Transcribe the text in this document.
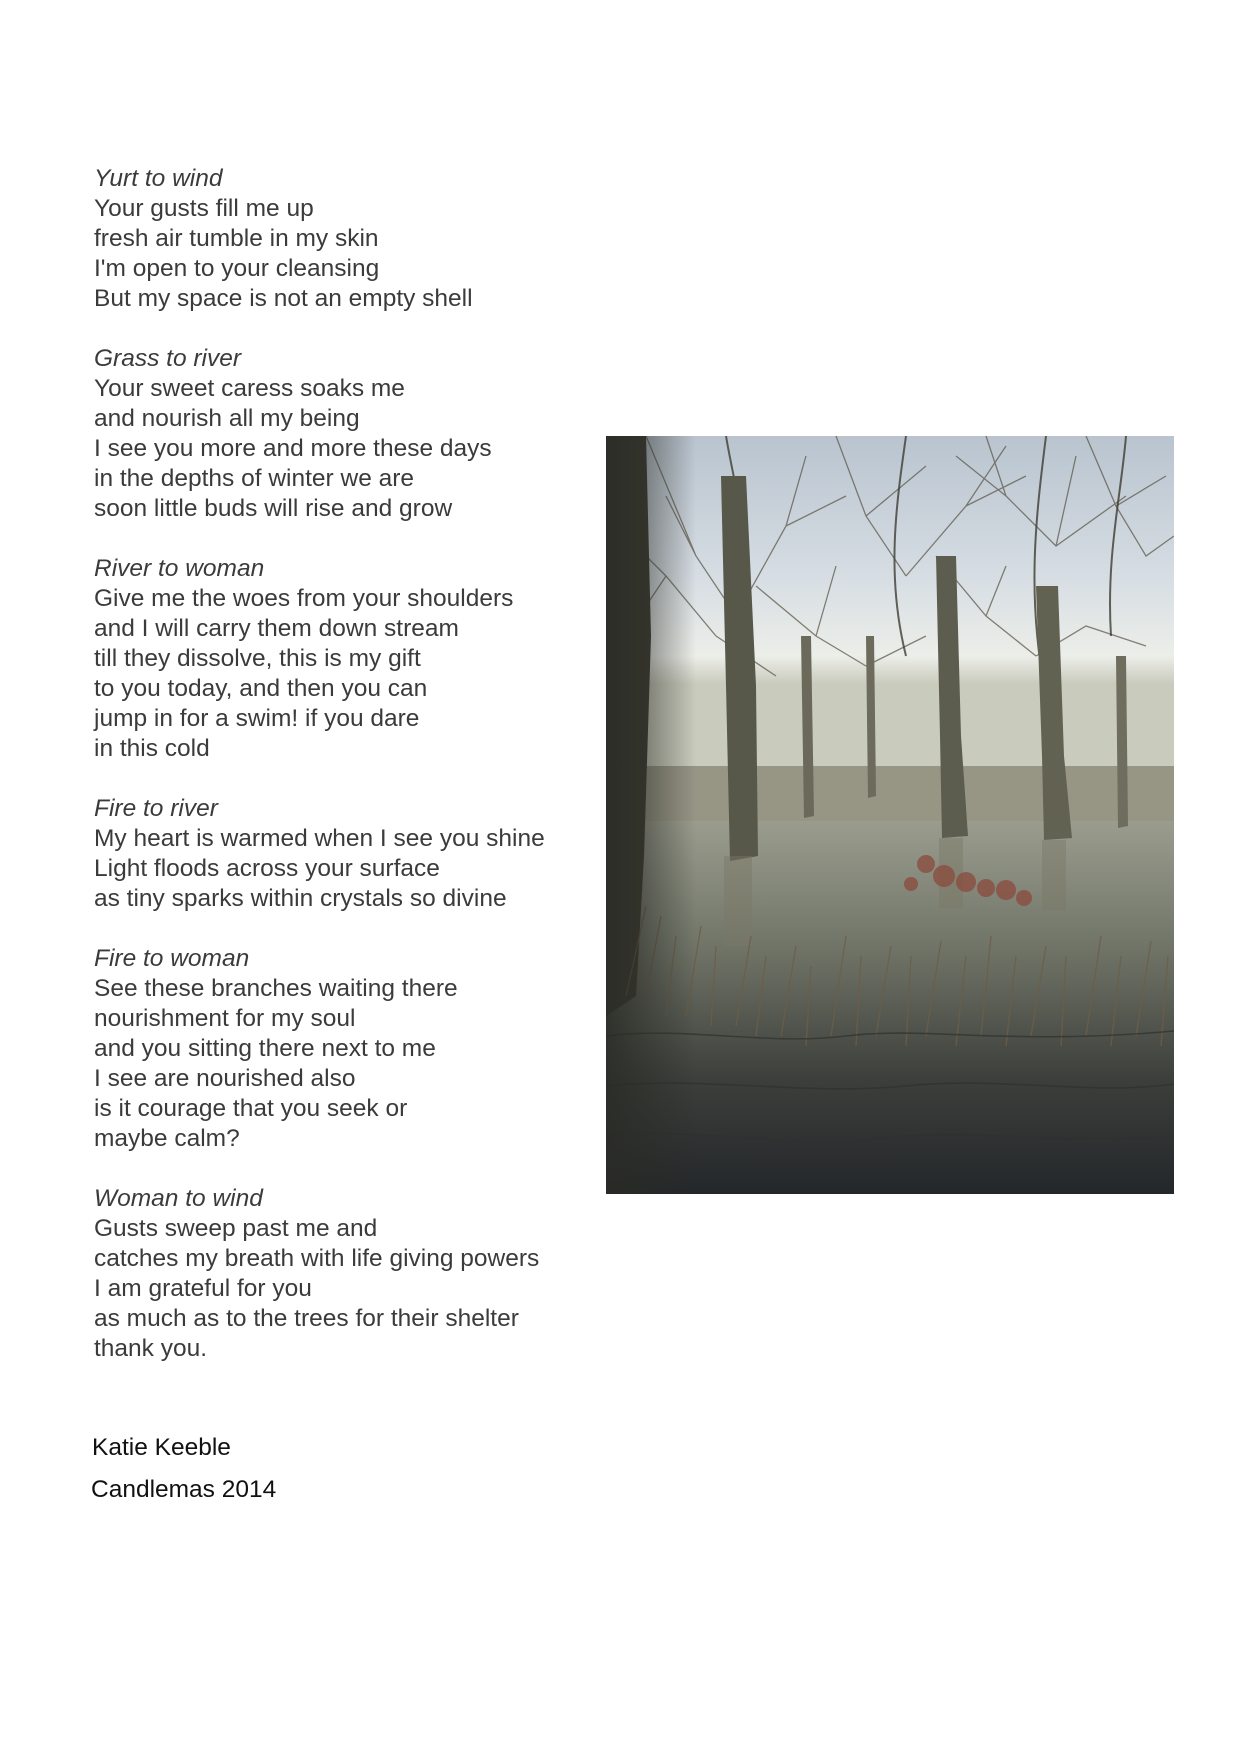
Yurt to wind
Your gusts fill me up
fresh air tumble in my skin
I'm open to your cleansing
But my space is not an empty shell
Grass to river
Your sweet caress soaks me
and nourish all my being
I see you more and more these days
in the depths of winter we are
soon little buds will rise and grow
River to woman
Give me the woes from your shoulders
and I will carry them down stream
till they dissolve, this is my gift
to you today, and then you can
jump in for a swim! if you dare
in this cold
Fire to river
My heart is warmed when I see you shine
Light floods across your surface
as tiny sparks within crystals so divine
Fire to woman
See these branches waiting there
nourishment for my soul
and you sitting there next to me
I see are nourished also
is it courage that you seek or
maybe calm?
Woman to wind
Gusts sweep past me and
catches my breath with life giving powers
I am grateful for you
as much as to the trees for their shelter
thank you.
Katie Keeble
Candlemas 2014
